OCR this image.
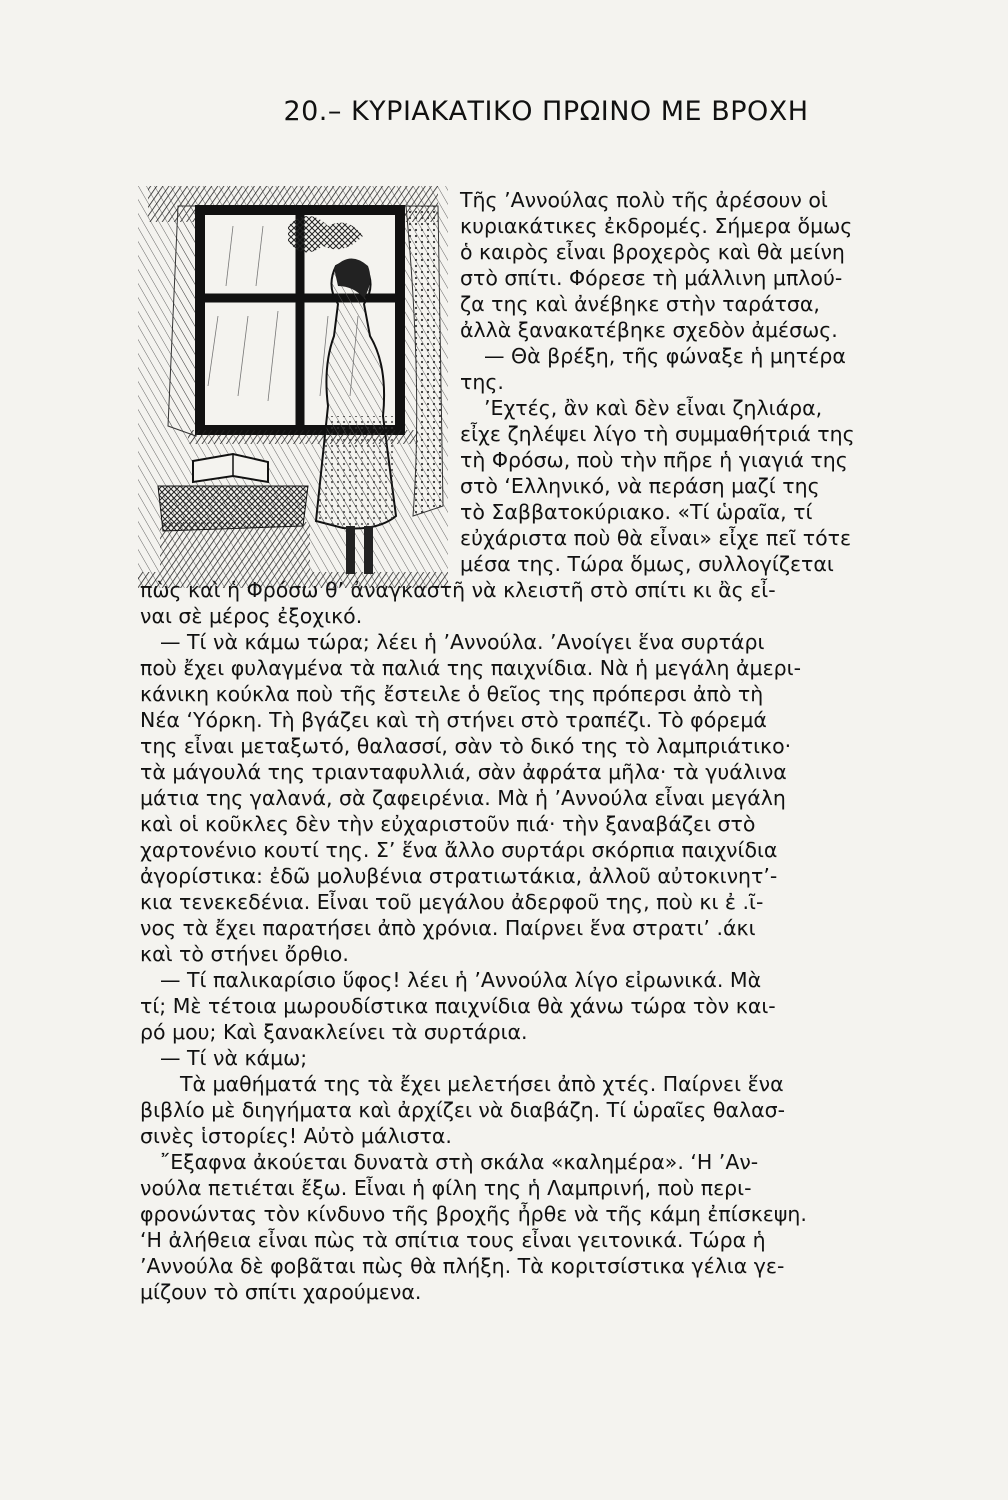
20.– ΚΥΡΙΑΚΑΤΙΚΟ ΠΡΩΙΝΟ ΜΕ ΒΡΟΧΗ
Τῆς ’Αννούλας πολὺ τῆς ἀρέσουν οἱ
κυριακάτικες ἐκδρομές. Σήμερα ὅμως
ὁ καιρὸς εἶναι βροχερὸς καὶ θὰ μείνη
στὸ σπίτι. Φόρεσε τὴ μάλλινη μπλού-
ζα της καὶ ἀνέβηκε στὴν ταράτσα,
ἀλλὰ ξανακατέβηκε σχεδὸν ἀμέσως.
— Θὰ βρέξη, τῆς φώναξε ἡ μητέρα
της.
’Εχτές, ἂν καὶ δὲν εἶναι ζηλιάρα,
εἶχε ζηλέψει λίγο τὴ συμμαθήτριά της
τὴ Φρόσω, ποὺ τὴν πῆρε ἡ γιαγιά της
στὸ ‘Ελληνικό, νὰ περάση μαζί της
τὸ Σαββατοκύριακο. «Τί ὡραῖα, τί
εὐχάριστα ποὺ θὰ εἶναι» εἶχε πεῖ τότε
μέσα της. Τώρα ὅμως, συλλογίζεται
πὼς καὶ ἡ Φρόσω θ’ ἀναγκαστῆ νὰ κλειστῆ στὸ σπίτι κι ἂς εἶ-
ναι σὲ μέρος ἐξοχικό.
— Τί νὰ κάμω τώρα; λέει ἡ ’Αννούλα. ’Ανοίγει ἕνα συρτάρι
ποὺ ἔχει φυλαγμένα τὰ παλιά της παιχνίδια. Νὰ ἡ μεγάλη ἀμερι-
κάνικη κούκλα ποὺ τῆς ἔστειλε ὁ θεῖος της πρόπερσι ἀπὸ τὴ
Νέα ‘Υόρκη. Τὴ βγάζει καὶ τὴ στήνει στὸ τραπέζι. Τὸ φόρεμά
της εἶναι μεταξωτό, θαλασσί, σὰν τὸ δικό της τὸ λαμπριάτικο·
τὰ μάγουλά της τριανταφυλλιά, σὰν ἀφράτα μῆλα· τὰ γυάλινα
μάτια της γαλανά, σὰ ζαφειρένια. Μὰ ἡ ’Αννούλα εἶναι μεγάλη
καὶ οἱ κοῦκλες δὲν τὴν εὐχαριστοῦν πιά· τὴν ξαναβάζει στὸ
χαρτονένιο κουτί της. Σ’ ἕνα ἄλλο συρτάρι σκόρπια παιχνίδια
ἀγορίστικα: ἐδῶ μολυβένια στρατιωτάκια, ἀλλοῦ αὐτοκινητ’-
κια τενεκεδένια. Εἶναι τοῦ μεγάλου ἀδερφοῦ της, ποὺ κι ἐ .ῖ-
νος τὰ ἔχει παρατήσει ἀπὸ χρόνια. Παίρνει ἕνα στρατι’ .άκι
καὶ τὸ στήνει ὄρθιο.
— Τί παλικαρίσιο ὕφος! λέει ἡ ’Αννούλα λίγο εἰρωνικά. Μὰ
τί; Μὲ τέτοια μωρουδίστικα παιχνίδια θὰ χάνω τώρα τὸν και-
ρό μου; Καὶ ξανακλείνει τὰ συρτάρια.
— Τί νὰ κάμω;
Τὰ μαθήματά της τὰ ἔχει μελετήσει ἀπὸ χτές. Παίρνει ἕνα
βιβλίο μὲ διηγήματα καὶ ἀρχίζει νὰ διαβάζη. Τί ὡραῖες θαλασ-
σινὲς ἱστορίες! Αὐτὸ μάλιστα.
῎Εξαφνα ἀκούεται δυνατὰ στὴ σκάλα «καλημέρα». ‘Η ’Αν-
νούλα πετιέται ἔξω. Εἶναι ἡ φίλη της ἡ Λαμπρινή, ποὺ περι-
φρονώντας τὸν κίνδυνο τῆς βροχῆς ἦρθε νὰ τῆς κάμη ἐπίσκεψη.
‘Η ἀλήθεια εἶναι πὼς τὰ σπίτια τους εἶναι γειτονικά. Τώρα ἡ
’Αννούλα δὲ φοβᾶται πὼς θὰ πλήξη. Τὰ κοριτσίστικα γέλια γε-
μίζουν τὸ σπίτι χαρούμενα.
